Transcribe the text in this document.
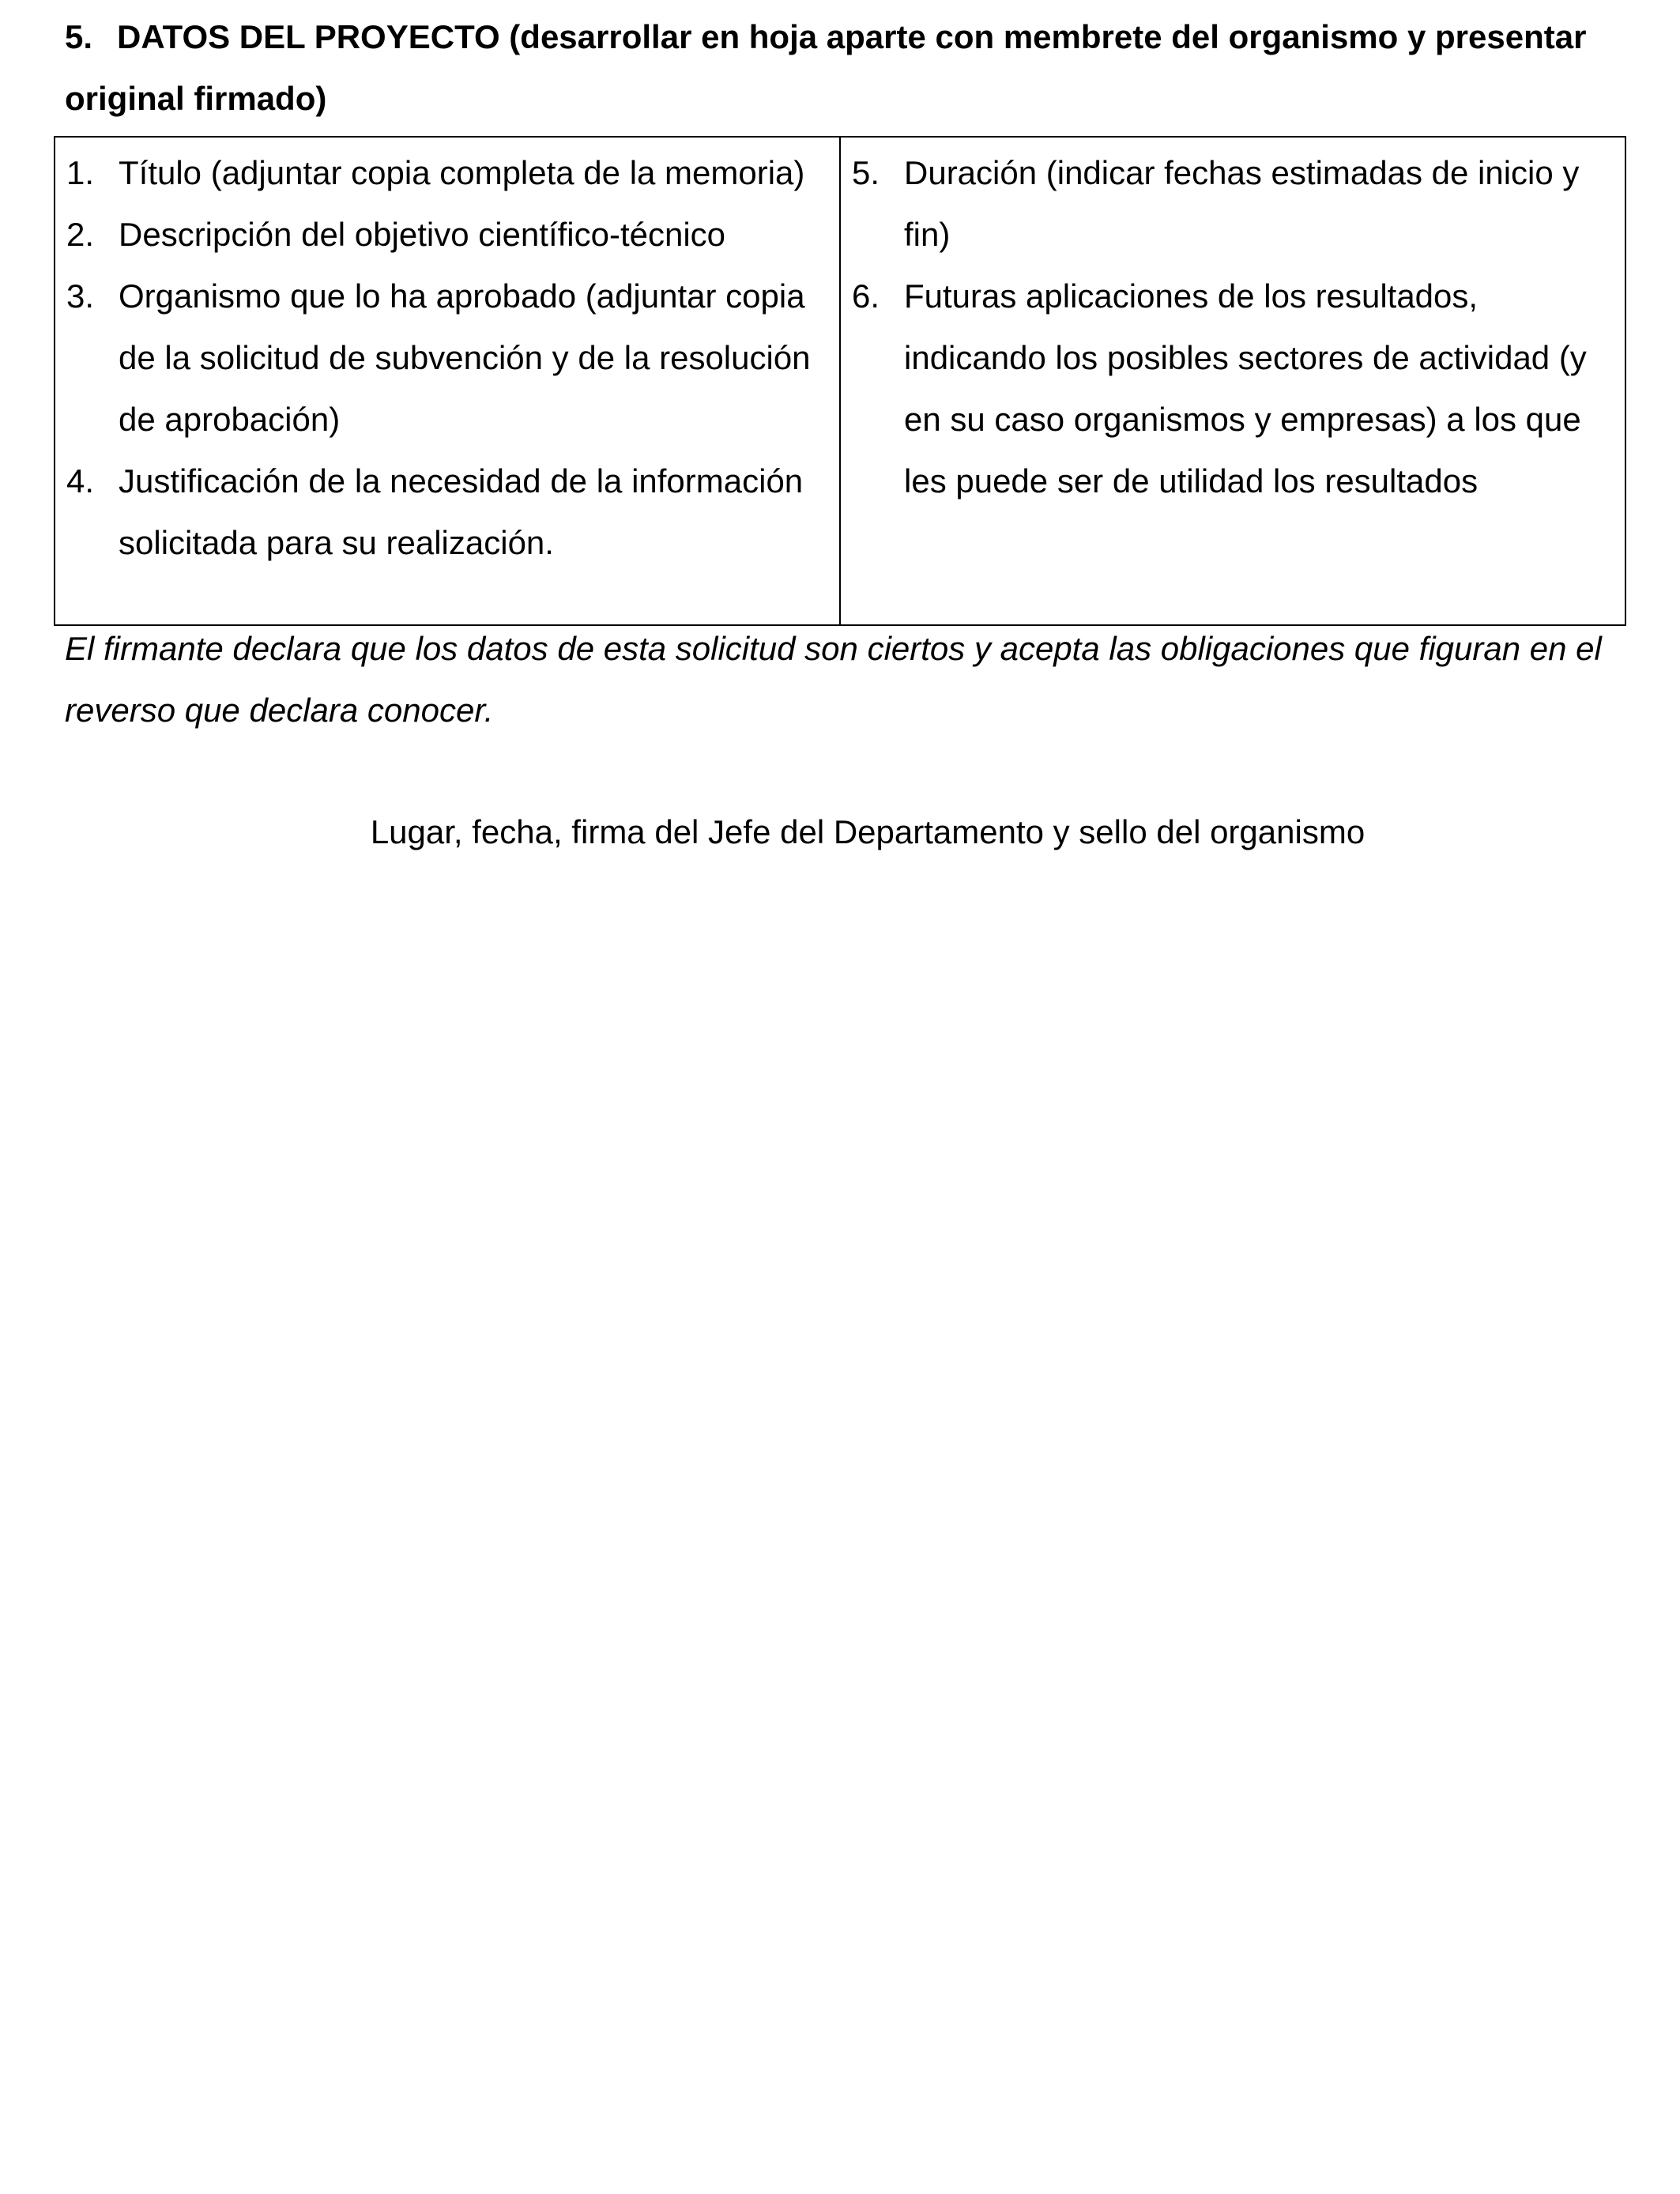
5. DATOS DEL PROYECTO (desarrollar en hoja aparte con membrete del organismo y presentar original firmado)
1. Título (adjuntar copia completa de la memoria)
2. Descripción del objetivo científico-técnico
3. Organismo que lo ha aprobado (adjuntar copia de la solicitud de subvención y de la resolución de aprobación)
4. Justificación de la necesidad de la información solicitada para su realización.
5. Duración (indicar fechas estimadas de inicio y fin)
6. Futuras aplicaciones de los resultados, indicando los posibles sectores de actividad (y en su caso organismos y empresas) a los que les puede ser de utilidad los resultados
El firmante declara que los datos de esta solicitud son ciertos y acepta las obligaciones que figuran en el reverso que declara conocer.
Lugar, fecha, firma del Jefe del Departamento y sello del organismo
